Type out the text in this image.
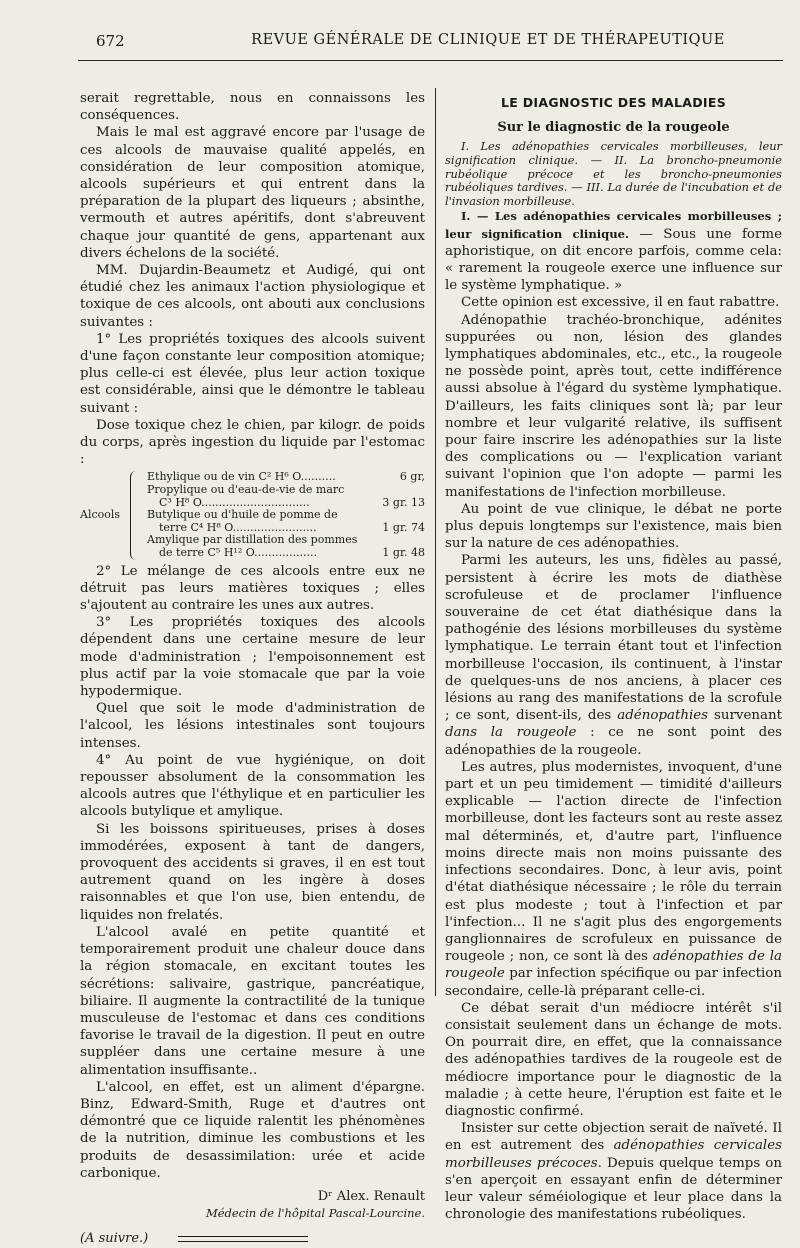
672	REVUE GÉNÉRALE DE CLINIQUE ET DE THÉRAPEUTIQUE

serait regrettable, nous en connaissons les conséquences.

Mais le mal est aggravé encore par l'usage de ces alcools de mauvaise qualité appelés, en considération de leur composition atomique, alcools supérieurs et qui entrent dans la préparation de la plupart des liqueurs ; absinthe, vermouth et autres apéritifs, dont s'abreuvent chaque jour quantité de gens, appartenant aux divers échelons de la société.

MM. Dujardin-Beaumetz et Audigé, qui ont étudié chez les animaux l'action physiologique et toxique de ces alcools, ont abouti aux conclusions suivantes :

1° Les propriétés toxiques des alcools suivent d'une façon constante leur composition atomique; plus celle-ci est élevée, plus leur action toxique est considérable, ainsi que le démontre le tableau suivant :

Dose toxique chez le chien, par kilogr. de poids du corps, après ingestion du liquide par l'estomac :

Alcools
Ethylique ou de vin C² H⁶ O..........	6 gr,
Propylique ou d'eau-de-vie de marc
C³ H⁸ O...............................	3 gr. 13
Butylique ou d'huile de pomme de
terre C⁴ H⁸ O........................	1 gr. 74
Amylique par distillation des pommes
de terre C⁵ H¹² O..................	1 gr. 48

2° Le mélange de ces alcools entre eux ne détruit pas leurs matières toxiques ; elles s'ajoutent au contraire les unes aux autres.

3° Les propriétés toxiques des alcools dépendent dans une certaine mesure de leur mode d'administration ; l'empoisonnement est plus actif par la voie stomacale que par la voie hypodermique.

Quel que soit le mode d'administration de l'alcool, les lésions intestinales sont toujours intenses.

4° Au point de vue hygiénique, on doit repousser absolument de la consommation les alcools autres que l'éthylique et en particulier les alcools butylique et amylique.

Si les boissons spiritueuses, prises à doses immodérées, exposent à tant de dangers, provoquent des accidents si graves, il en est tout autrement quand on les ingère à doses raisonnables et que l'on use, bien entendu, de liquides non frelatés.

L'alcool avalé en petite quantité et temporairement produit une chaleur douce dans la région stomacale, en excitant toutes les sécrétions: salivaire, gastrique, pancréatique, biliaire. Il augmente la contractilité de la tunique musculeuse de l'estomac et dans ces conditions favorise le travail de la digestion. Il peut en outre suppléer dans une certaine mesure à une alimentation insuffisante..

L'alcool, en effet, est un aliment d'épargne. Binz, Edward-Smith, Ruge et d'autres ont démontré que ce liquide ralentit les phénomènes de la nutrition, diminue les combustions et les produits de desassimilation: urée et acide carbonique.

Dʳ Alex. Renault
Médecin de l'hôpital Pascal-Lourcine.
(A suivre.)
LE DIAGNOSTIC DES MALADIES
Sur le diagnostic de la rougeole

I. Les adénopathies cervicales morbilleuses, leur signification clinique. — II. La broncho-pneumonie rubéolique précoce et les broncho-pneumonies rubéoliques tardives. — III. La durée de l'incubation et de l'invasion morbilleuse.

I. — Les adénopathies cervicales morbilleuses ; leur signification clinique. — Sous une forme aphoristique, on dit encore parfois, comme cela: « rarement la rougeole exerce une influence sur le système lymphatique. »

Cette opinion est excessive, il en faut rabattre.

Adénopathie trachéo-bronchique, adénites suppurées ou non, lésion des glandes lymphatiques abdominales, etc., etc., la rougeole ne possède point, après tout, cette indifférence aussi absolue à l'égard du système lymphatique. D'ailleurs, les faits cliniques sont là; par leur nombre et leur vulgarité relative, ils suffisent pour faire inscrire les adénopathies sur la liste des complications ou — l'explication variant suivant l'opinion que l'on adopte — parmi les manifestations de l'infection morbilleuse.

Au point de vue clinique, le débat ne porte plus depuis longtemps sur l'existence, mais bien sur la nature de ces adénopathies.

Parmi les auteurs, les uns, fidèles au passé, persistent à écrire les mots de diathèse scrofuleuse et de proclamer l'influence souveraine de cet état diathésique dans la pathogénie des lésions morbilleuses du système lymphatique. Le terrain étant tout et l'infection morbilleuse l'occasion, ils continuent, à l'instar de quelques-uns de nos anciens, à placer ces lésions au rang des manifestations de la scrofule ; ce sont, disent-ils, des adénopathies survenant dans la rougeole : ce ne sont point des adénopathies de la rougeole.

Les autres, plus modernistes, invoquent, d'une part et un peu timidement — timidité d'ailleurs explicable — l'action directe de l'infection morbilleuse, dont les facteurs sont au reste assez mal déterminés, et, d'autre part, l'influence moins directe mais non moins puissante des infections secondaires. Donc, à leur avis, point d'état diathésique nécessaire ; le rôle du terrain est plus modeste ; tout à l'infection et par l'infection... Il ne s'agit plus des engorgements ganglionnaires de scrofuleux en puissance de rougeole ; non, ce sont là des adénopathies de la rougeole par infection spécifique ou par infection secondaire, celle-là préparant celle-ci.

Ce débat serait d'un médiocre intérêt s'il consistait seulement dans un échange de mots. On pourrait dire, en effet, que la connaissance des adénopathies tardives de la rougeole est de médiocre importance pour le diagnostic de la maladie ; à cette heure, l'éruption est faite et le diagnostic confirmé.

Insister sur cette objection serait de naïveté. Il en est autrement des adénopathies cervicales morbilleuses précoces. Depuis quelque temps on s'en aperçoit en essayant enfin de déterminer leur valeur séméiologique et leur place dans la chronologie des manifestations rubéoliques.
